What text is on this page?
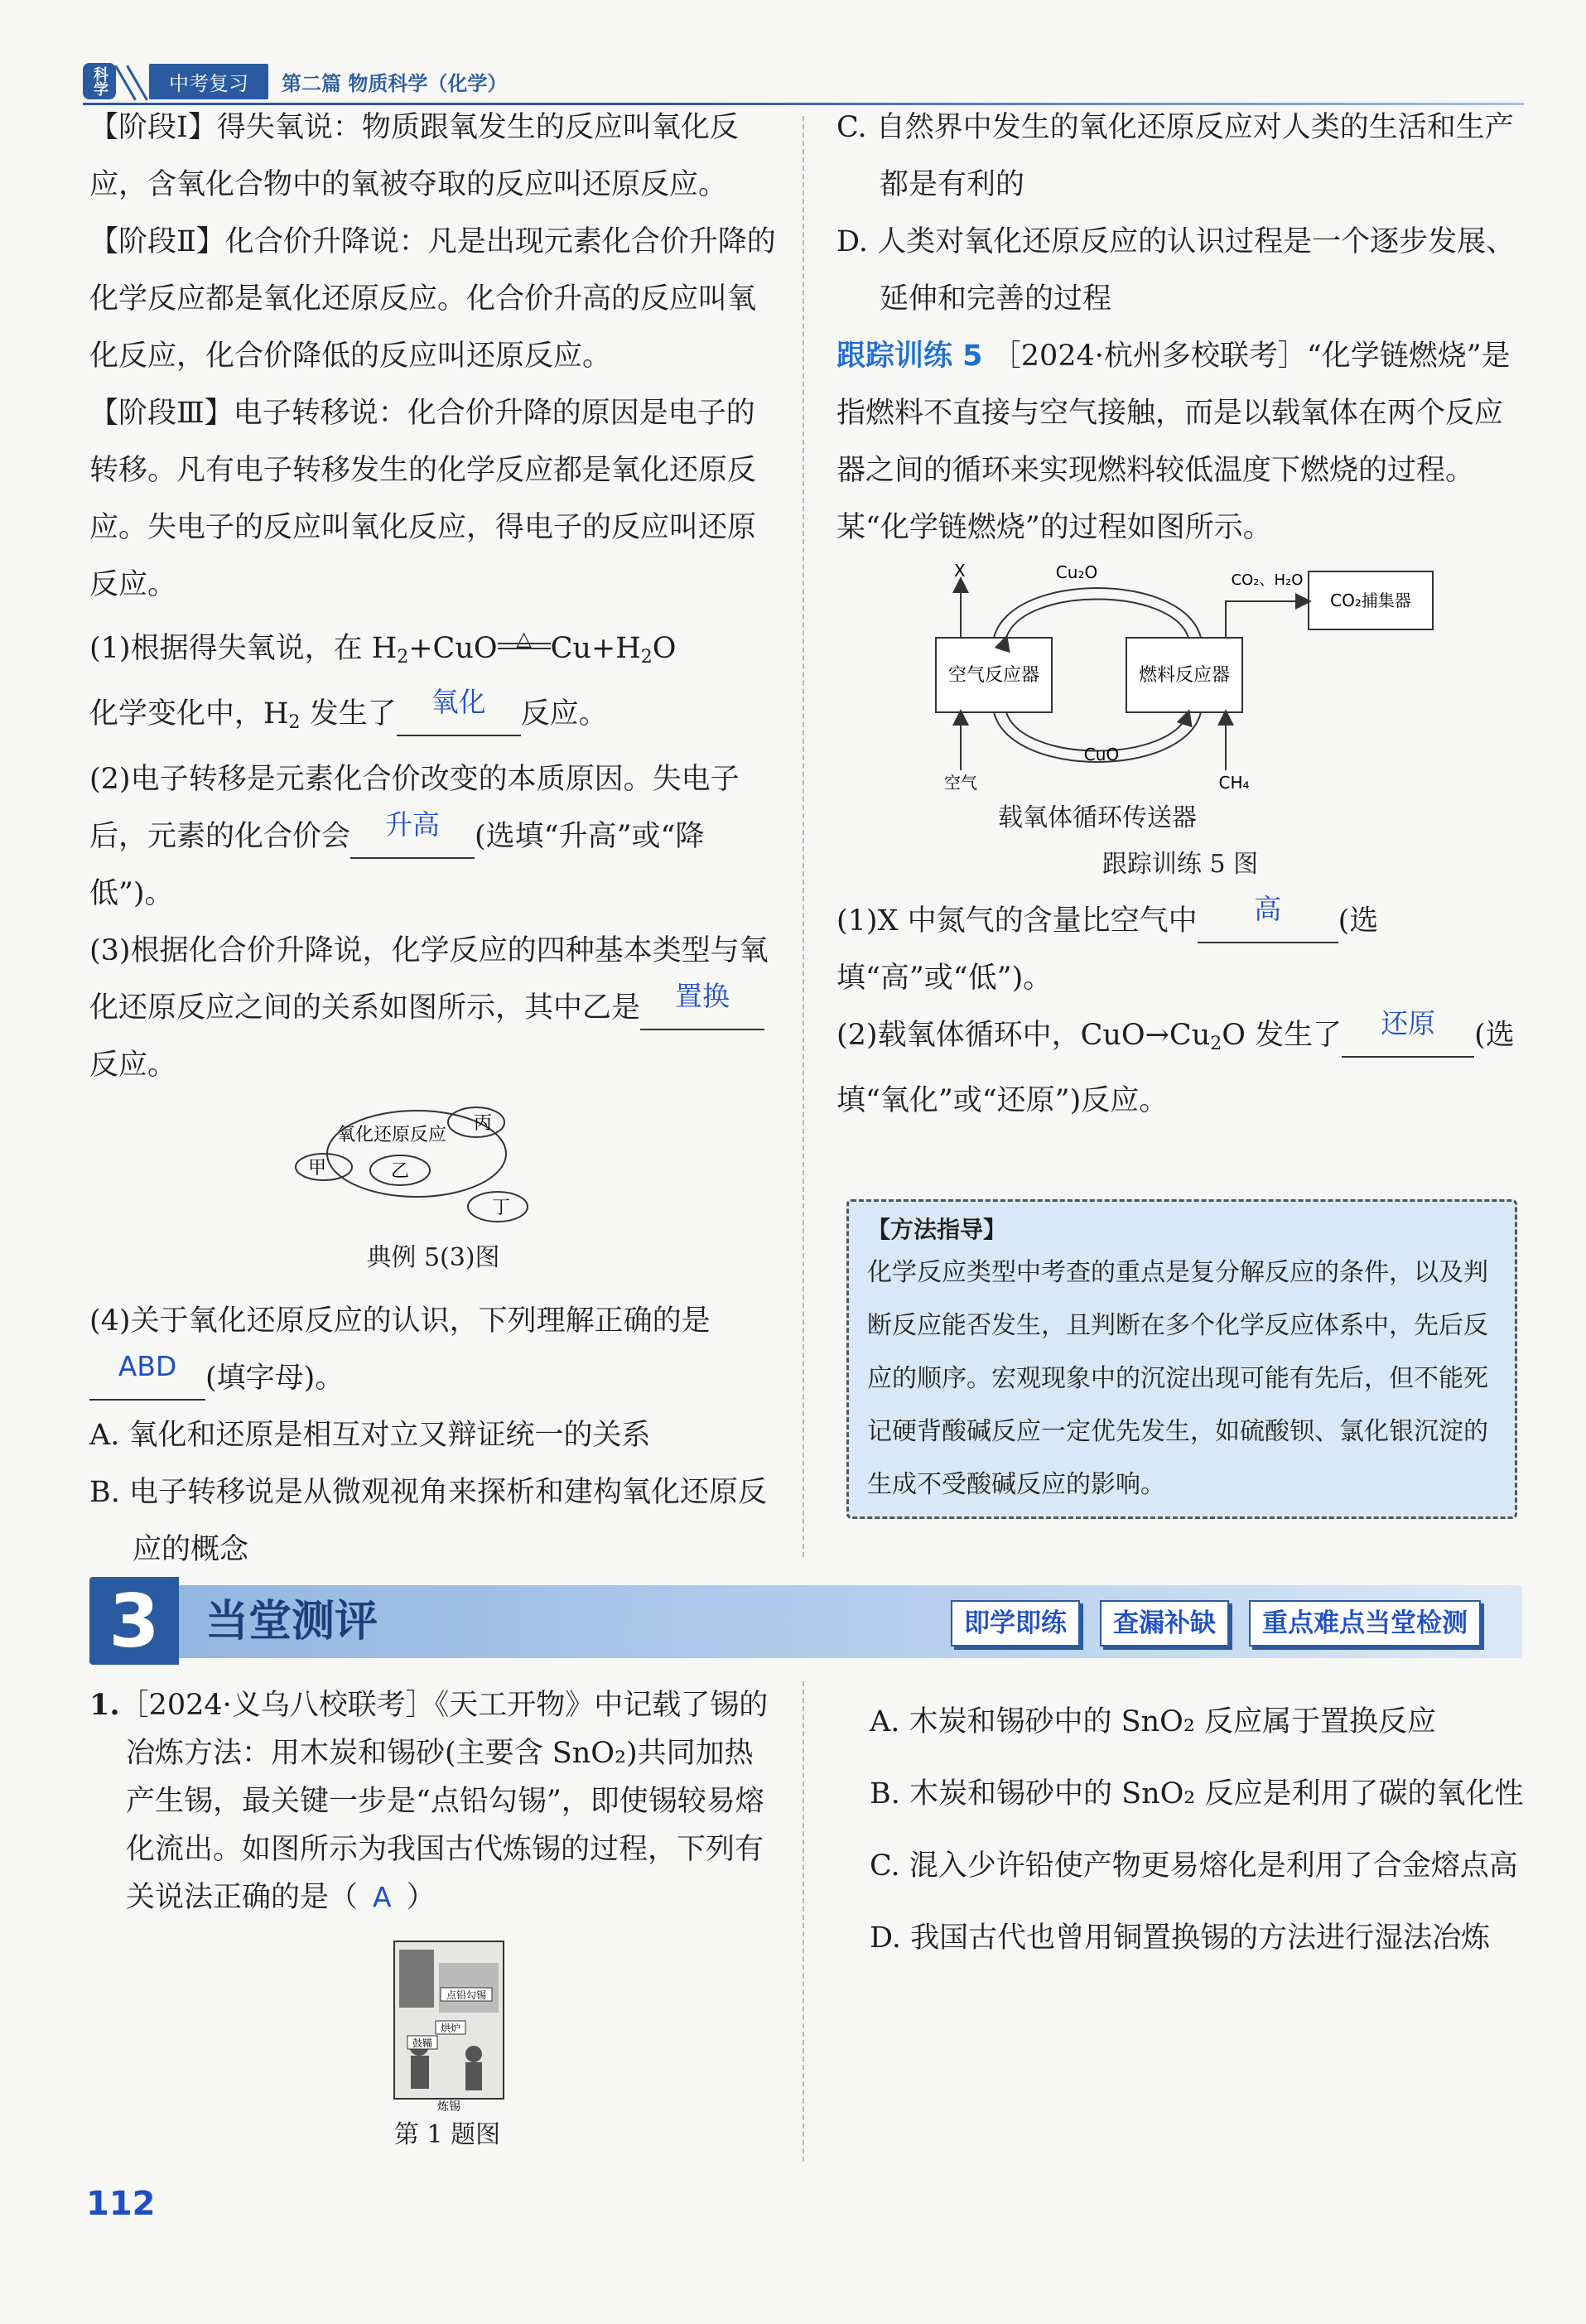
科学	中考复习	第二篇 物质科学（化学）

【阶段Ⅰ】得失氧说：物质跟氧发生的反应叫氧化反应，含氧化合物中的氧被夺取的反应叫还原反应。

【阶段Ⅱ】化合价升降说：凡是出现元素化合价升降的化学反应都是氧化还原反应。化合价升高的反应叫氧化反应，化合价降低的反应叫还原反应。

【阶段Ⅲ】电子转移说：化合价升降的原因是电子的转移。凡有电子转移发生的化学反应都是氧化还原反应。失电子的反应叫氧化反应，得电子的反应叫还原反应。

(1)根据得失氧说，在 $H_2+CuO$ △ $Cu+H_2O$
化学变化中，$H_2$ 发生了 氧化 反应。

(2)电子转移是元素化合价改变的本质原因。失电子后，元素的化合价会 升高 (选填“升高”或“降低”)。

(3)根据化合价升降说，化学反应的四种基本类型与氧化还原反应之间的关系如图所示，其中乙是 置换反应。

氧化还原反应
甲	乙
丙
丁

典例 5(3)图

(4)关于氧化还原反应的认识，下列理解正确的是ABD (填字母)。

A. 氧化和还原是相互对立又辩证统一的关系

B. 电子转移说是从微观视角来探析和建构氧化还原反应的概念

C. 自然界中发生的氧化还原反应对人类的生活和生产都是有利的

D. 人类对氧化还原反应的认识过程是一个逐步发展、延伸和完善的过程

跟踪训练 5 ［2024·杭州多校联考］“化学链燃烧”是指燃料不直接与空气接触，而是以载氧体在两个反应器之间的循环来实现燃料较低温度下燃烧的过程。某“化学链燃烧”的过程如图所示。

X	Cu₂O	CO₂、H₂O
CO₂捕集器
空气反应器	燃料反应器
空气
CuO
CH₄

载氧体循环传送器

跟踪训练 5 图

(1)X 中氮气的含量比空气中 高 (选填“高”或“低”)。

(2)载氧体循环中，$CuO\to Cu_2O$ 发生了 还原 (选填“氧化”或“还原”)反应。

【方法指导】
化学反应类型中考查的重点是复分解反应的条件，以及判断反应能否发生，且判断在多个化学反应体系中，先后反应的顺序。宏观现象中的沉淀出现可能有先后，但不能死记硬背酸碱反应一定优先发生，如硫酸钡、氯化银沉淀的生成不受酸碱反应的影响。
3	当堂测评	即学即练	查漏补缺	重点难点当堂检测

1.［2024·义乌八校联考］《天工开物》中记载了锡的冶炼方法：用木炭和锡砂(主要含 SnO₂)共同加热产生锡，最关键一步是“点铅勾锡”，即使锡较易熔化流出。如图所示为我国古代炼锡的过程，下列有关说法正确的是（ A ）

点铅勾锡
烘炉
鼓鞴
炼锡

第 1 题图

A. 木炭和锡砂中的 SnO₂ 反应属于置换反应

B. 木炭和锡砂中的 SnO₂ 反应是利用了碳的氧化性

C. 混入少许铅使产物更易熔化是利用了合金熔点高

D. 我国古代也曾用铜置换锡的方法进行湿法冶炼

112
